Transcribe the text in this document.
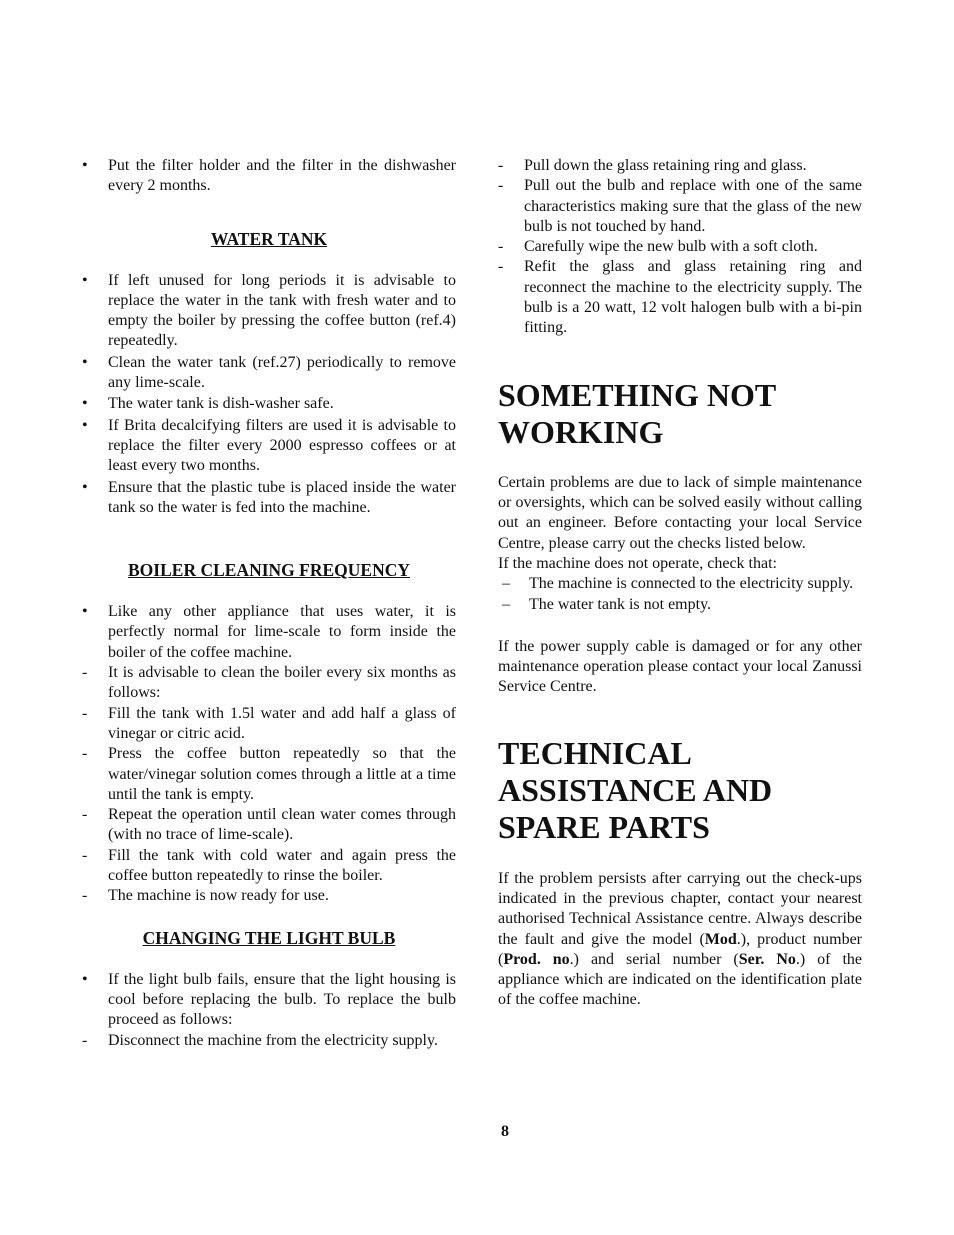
• Put the filter holder and the filter in the dishwasher every 2 months.
WATER TANK
• If left unused for long periods it is advisable to replace the water in the tank with fresh water and to empty the boiler by pressing the coffee button (ref.4) repeatedly.
• Clean the water tank (ref.27) periodically to remove any lime-scale.
• The water tank is dish-washer safe.
• If Brita decalcifying filters are used it is advisable to replace the filter every 2000 espresso coffees or at least every two months.
• Ensure that the plastic tube is placed inside the water tank so the water is fed into the machine.
BOILER CLEANING FREQUENCY
• Like any other appliance that uses water, it is perfectly normal for lime-scale to form inside the boiler of the coffee machine.
- It is advisable to clean the boiler every six months as follows:
- Fill the tank with 1.5l water and add half a glass of vinegar or citric acid.
- Press the coffee button repeatedly so that the water/vinegar solution comes through a little at a time until the tank is empty.
- Repeat the operation until clean water comes through (with no trace of lime-scale).
- Fill the tank with cold water and again press the coffee button repeatedly to rinse the boiler.
- The machine is now ready for use.
CHANGING THE LIGHT BULB
• If the light bulb fails, ensure that the light housing is cool before replacing the bulb. To replace the bulb proceed as follows:
- Disconnect the machine from the electricity supply.
- Pull down the glass retaining ring and glass.
- Pull out the bulb and replace with one of the same characteristics making sure that the glass of the new bulb is not touched by hand.
- Carefully wipe the new bulb with a soft cloth.
- Refit the glass and glass retaining ring and reconnect the machine to the electricity supply. The bulb is a 20 watt, 12 volt halogen bulb with a bi-pin fitting.
SOMETHING NOT
WORKING
Certain problems are due to lack of simple maintenance or oversights, which can be solved easily without calling out an engineer. Before contacting your local Service Centre, please carry out the checks listed below.
If the machine does not operate, check that:
– The machine is connected to the electricity supply.
– The water tank is not empty.
If the power supply cable is damaged or for any other maintenance operation please contact your local Zanussi Service Centre.
TECHNICAL
ASSISTANCE AND
SPARE PARTS
If the problem persists after carrying out the check-ups indicated in the previous chapter, contact your nearest authorised Technical Assistance centre. Always describe the fault and give the model (Mod.), product number (Prod. no.) and serial number (Ser. No.) of the appliance which are indicated on the identification plate of the coffee machine.
8
